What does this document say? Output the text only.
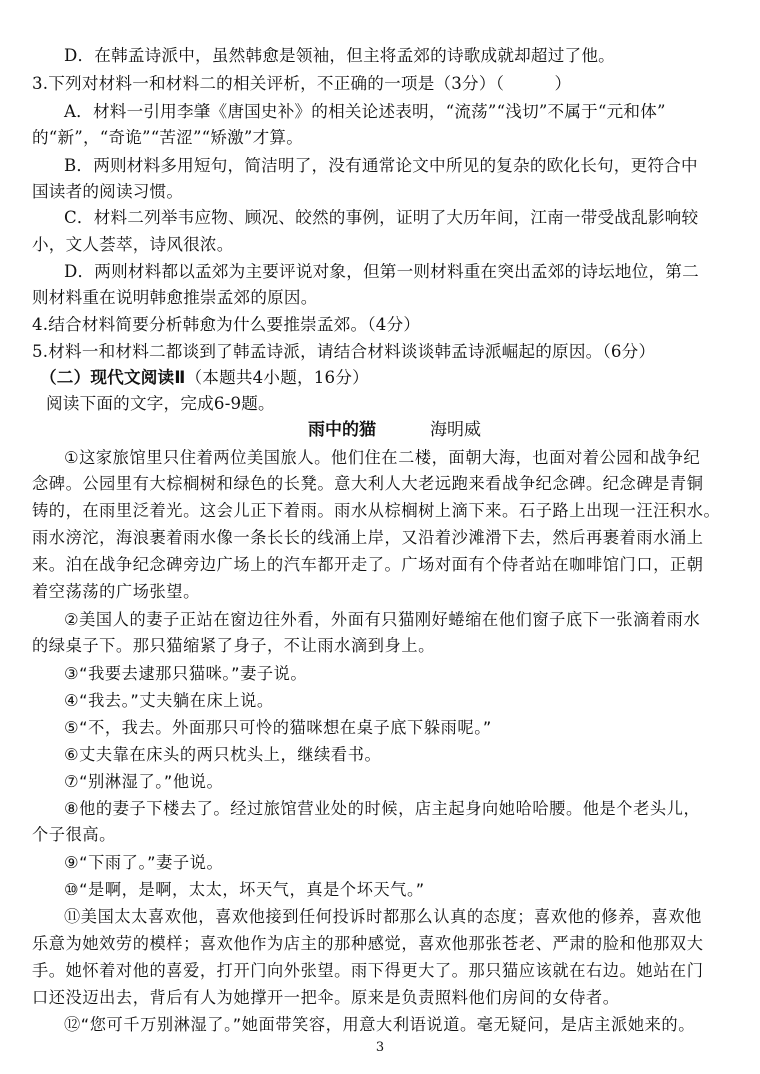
D．在韩孟诗派中，虽然韩愈是领袖，但主将孟郊的诗歌成就却超过了他。
3.下列对材料一和材料二的相关评析，不正确的一项是（3分）（　　　）
A．材料一引用李肇《唐国史补》的相关论述表明，“流荡”“浅切”不属于“元和体”
的“新”，“奇诡”“苦涩”“矫激”才算。
B．两则材料多用短句，简洁明了，没有通常论文中所见的复杂的欧化长句，更符合中
国读者的阅读习惯。
C．材料二列举韦应物、顾况、皎然的事例，证明了大历年间，江南一带受战乱影响较
小，文人荟萃，诗风很浓。
D．两则材料都以孟郊为主要评说对象，但第一则材料重在突出孟郊的诗坛地位，第二
则材料重在说明韩愈推崇孟郊的原因。
4.结合材料简要分析韩愈为什么要推崇孟郊。（4分）
5.材料一和材料二都谈到了韩孟诗派，请结合材料谈谈韩孟诗派崛起的原因。（6分）
（二）现代文阅读Ⅱ（本题共4小题，16分）
阅读下面的文字，完成6-9题。
雨中的猫	海明威
①这家旅馆里只住着两位美国旅人。他们住在二楼，面朝大海，也面对着公园和战争纪
念碑。公园里有大棕榈树和绿色的长凳。意大利人大老远跑来看战争纪念碑。纪念碑是青铜
铸的，在雨里泛着光。这会儿正下着雨。雨水从棕榈树上滴下来。石子路上出现一汪汪积水。
雨水滂沱，海浪裹着雨水像一条长长的线涌上岸，又沿着沙滩滑下去，然后再裹着雨水涌上
来。泊在战争纪念碑旁边广场上的汽车都开走了。广场对面有个侍者站在咖啡馆门口，正朝
着空荡荡的广场张望。
②美国人的妻子正站在窗边往外看，外面有只猫刚好蜷缩在他们窗子底下一张滴着雨水
的绿桌子下。那只猫缩紧了身子，不让雨水滴到身上。
③“我要去逮那只猫咪。”妻子说。
④“我去。”丈夫躺在床上说。
⑤“不，我去。外面那只可怜的猫咪想在桌子底下躲雨呢。”
⑥丈夫靠在床头的两只枕头上，继续看书。
⑦“别淋湿了。”他说。
⑧他的妻子下楼去了。经过旅馆营业处的时候，店主起身向她哈哈腰。他是个老头儿，
个子很高。
⑨“下雨了。”妻子说。
⑩“是啊，是啊，太太，坏天气，真是个坏天气。”
⑪美国太太喜欢他，喜欢他接到任何投诉时都那么认真的态度；喜欢他的修养，喜欢他
乐意为她效劳的模样；喜欢他作为店主的那种感觉，喜欢他那张苍老、严肃的脸和他那双大
手。她怀着对他的喜爱，打开门向外张望。雨下得更大了。那只猫应该就在右边。她站在门
口还没迈出去，背后有人为她撑开一把伞。原来是负责照料他们房间的女侍者。
⑫“您可千万别淋湿了。”她面带笑容，用意大利语说道。毫无疑问，是店主派她来的。
3
